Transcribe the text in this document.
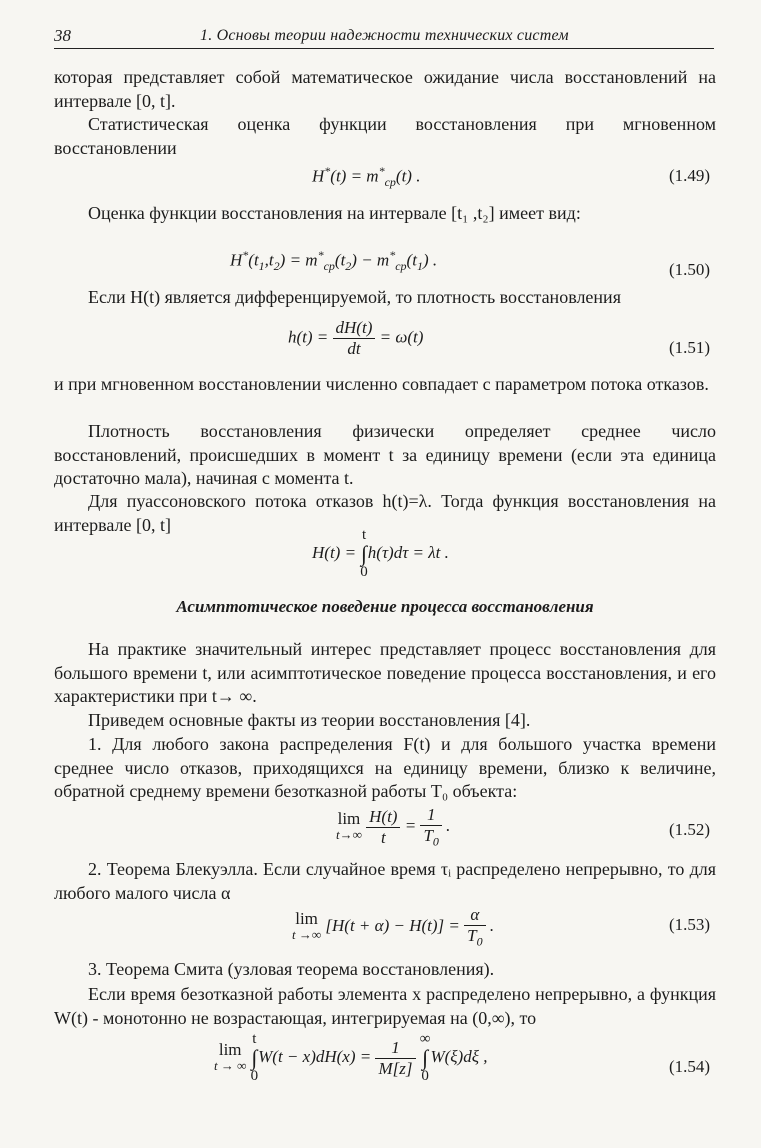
38	1. Основы теории надежности технических систем

которая представляет собой математическое ожидание числа восстановлений на интервале [0, t].

Статистическая оценка функции восстановления при мгновенном восстановлении

$H^*(t) = m^*_{cp}(t)$ .	(1.49)

Оценка функции восстановления на интервале [t₁ ,t₂] имеет вид:

$H^*(t_1,t_2) = m^*_{cp}(t_2) - m^*_{cp}(t_1)$ .	(1.50)

Если H(t) является дифференцируемой, то плотность восстановления

$h(t) = \frac{dH(t)}{dt} = \omega(t)$
(1.51)

и при мгновенном восстановлении численно совпадает с параметром потока отказов.

Плотность восстановления физически определяет среднее число восстановлений, происшедших в момент t за единицу времени (если эта единица достаточно мала), начиная с момента t.

Для пуассоновского потока отказов h(t)=λ. Тогда функция восстановления на интервале [0, t]

H(t) =
t
∫
0
h(τ)dτ = λt .
Асимптотическое поведение процесса восстановления

На практике значительный интерес представляет процесс восстановления для большого времени t, или асимптотическое поведение процесса восстановления, и его характеристики при t→ ∞.

Приведем основные факты из теории восстановления [4].

1. Для любого закона распределения F(t) и для большого участка времени среднее число отказов, приходящихся на единицу времени, близко к величине, обратной среднему времени безотказной работы T₀ объекта:

lim
t→∞
$\frac{H(t)}{t} = \frac{1}{T_0}$ .	(1.52)

2. Теорема Блекуэлла. Если случайное время τᵢ распределено непрерывно, то для любого малого числа α

lim
t →∞ $[H(t + \alpha) - H(t)] = \frac{\alpha}{T_0}$ .	(1.53)

3. Теорема Смита (узловая теорема восстановления).

Если время безотказной работы элемента x распределено непрерывно, а функция W(t) - монотонно не возрастающая, интегрируемая на (0,∞), то

lim
t → ∞

t
∫
0
$W(t - x)dH(x) = \frac{1}{M[z]}$
∞
∫
0
W(ξ)dξ ,
(1.54)
